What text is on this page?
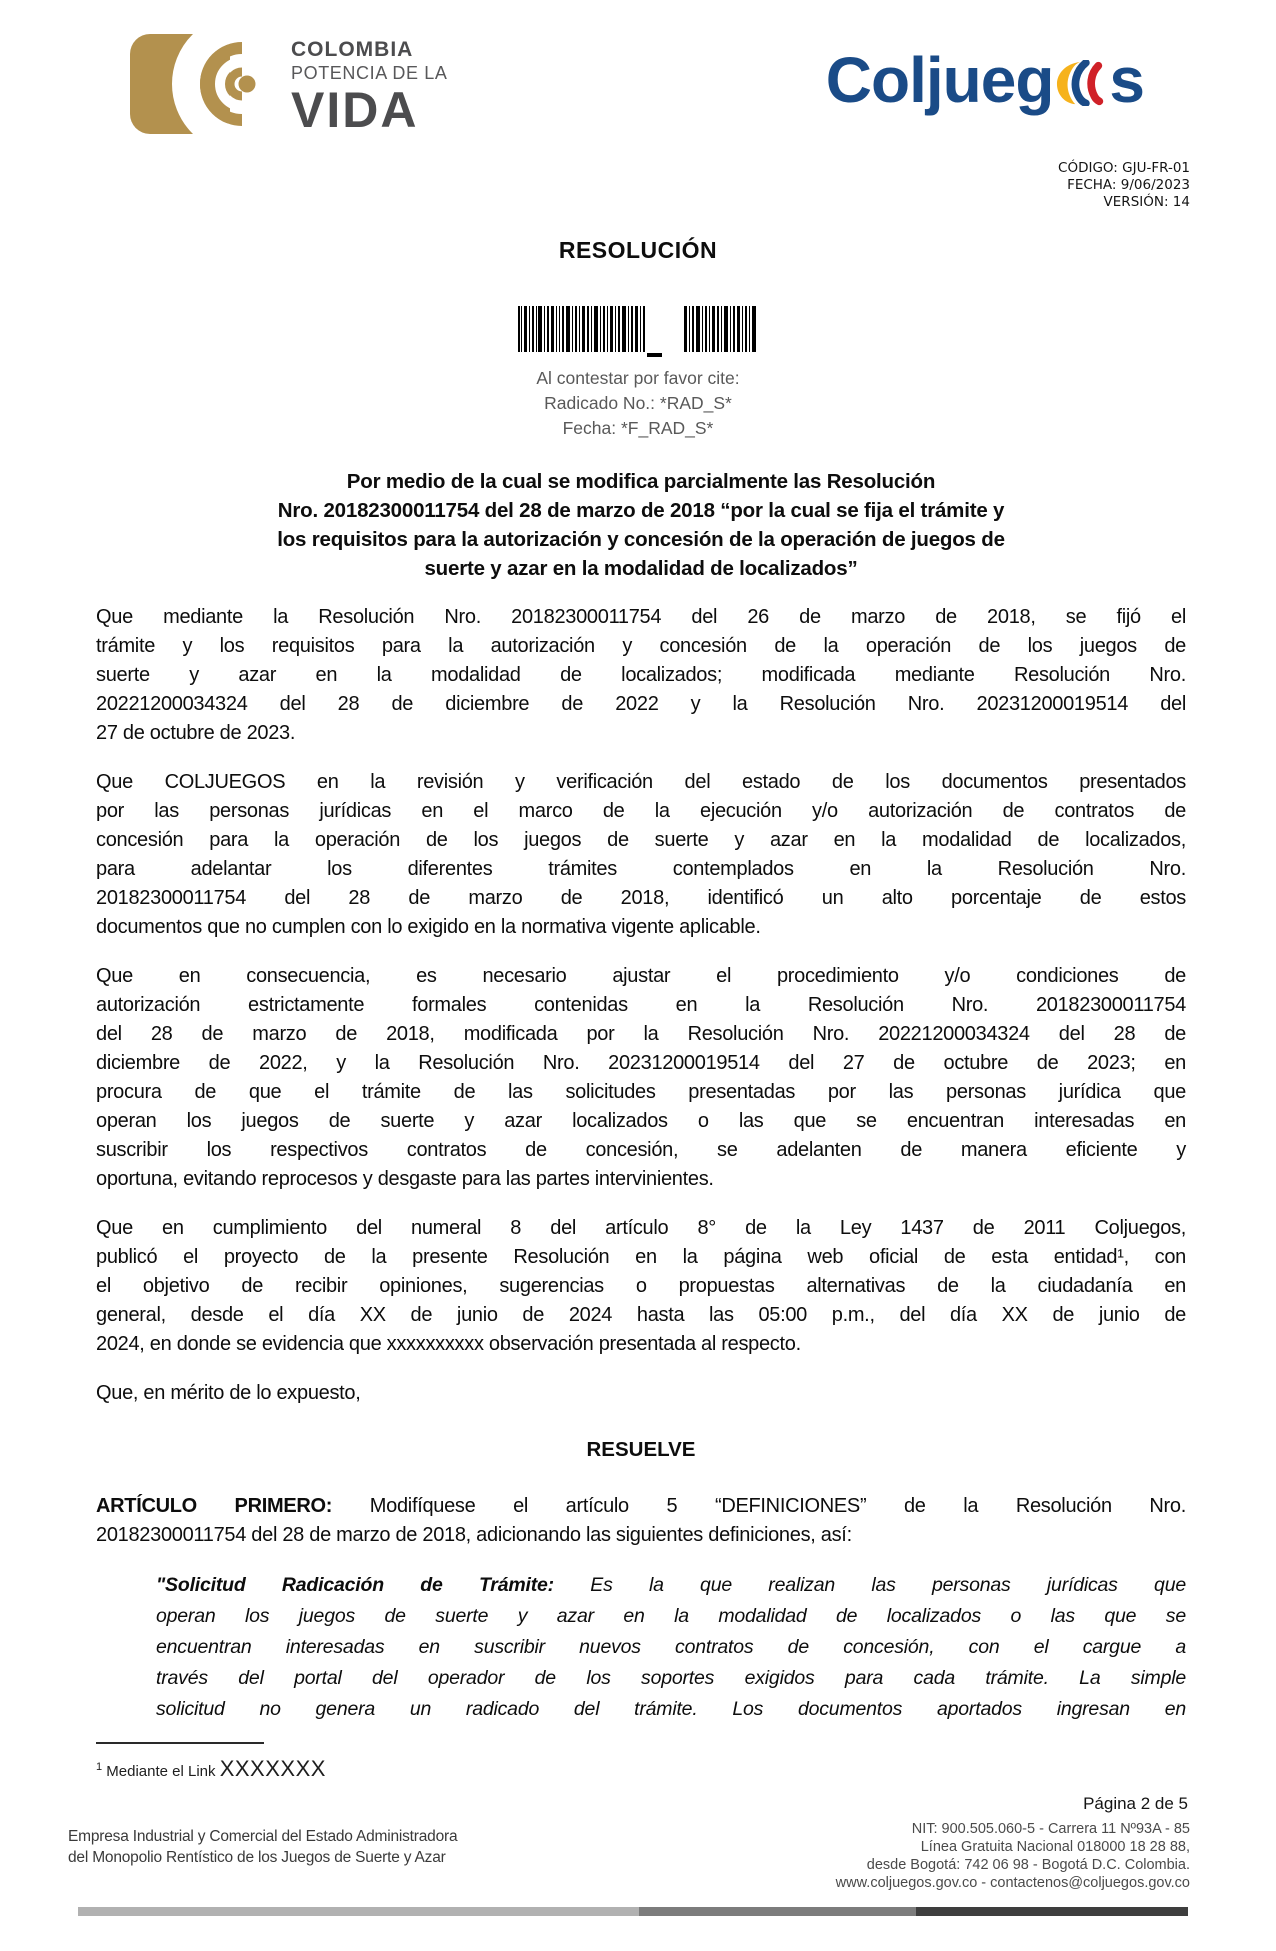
COLOMBIA
POTENCIA DE LA
VIDA	Coljueg s
CÓDIGO: GJU-FR-01
FECHA: 9/06/2023
VERSIÓN: 14
RESOLUCIÓN
Al contestar por favor cite:
Radicado No.: *RAD_S*
Fecha: *F_RAD_S*
Por medio de la cual se modifica parcialmente las Resolución
Nro. 20182300011754 del 28 de marzo de 2018 “por la cual se fija el trámite y
los requisitos para la autorización y concesión de la operación de juegos de
suerte y azar en la modalidad de localizados”
Que mediante la Resolución Nro. 20182300011754 del 26 de marzo de 2018, se fijó el
trámite y los requisitos para la autorización y concesión de la operación de los juegos de
suerte y azar en la modalidad de localizados; modificada mediante Resolución Nro.
20221200034324 del 28 de diciembre de 2022 y la Resolución Nro. 20231200019514 del
27 de octubre de 2023.
Que COLJUEGOS en la revisión y verificación del estado de los documentos presentados
por las personas jurídicas en el marco de la ejecución y/o autorización de contratos de
concesión para la operación de los juegos de suerte y azar en la modalidad de localizados,
para adelantar los diferentes trámites contemplados en la Resolución Nro.
20182300011754 del 28 de marzo de 2018, identificó un alto porcentaje de estos
documentos que no cumplen con lo exigido en la normativa vigente aplicable.
Que en consecuencia, es necesario ajustar el procedimiento y/o condiciones de
autorización estrictamente formales contenidas en la Resolución Nro. 20182300011754
del 28 de marzo de 2018, modificada por la Resolución Nro. 20221200034324 del 28 de
diciembre de 2022, y la Resolución Nro. 20231200019514 del 27 de octubre de 2023; en
procura de que el trámite de las solicitudes presentadas por las personas jurídica que
operan los juegos de suerte y azar localizados o las que se encuentran interesadas en
suscribir los respectivos contratos de concesión, se adelanten de manera eficiente y
oportuna, evitando reprocesos y desgaste para las partes intervinientes.
Que en cumplimiento del numeral 8 del artículo 8° de la Ley 1437 de 2011 Coljuegos,
publicó el proyecto de la presente Resolución en la página web oficial de esta entidad¹, con
el objetivo de recibir opiniones, sugerencias o propuestas alternativas de la ciudadanía en
general, desde el día XX de junio de 2024 hasta las 05:00 p.m., del día XX de junio de
2024, en donde se evidencia que xxxxxxxxxx observación presentada al respecto.
Que, en mérito de lo expuesto,
RESUELVE
ARTÍCULO PRIMERO: Modifíquese el artículo 5 “DEFINICIONES” de la Resolución Nro.
20182300011754 del 28 de marzo de 2018, adicionando las siguientes definiciones, así:
"Solicitud Radicación de Trámite: Es la que realizan las personas jurídicas que
operan los juegos de suerte y azar en la modalidad de localizados o las que se
encuentran interesadas en suscribir nuevos contratos de concesión, con el cargue a
través del portal del operador de los soportes exigidos para cada trámite. La simple
solicitud no genera un radicado del trámite. Los documentos aportados ingresan en
$^1$ Mediante el Link XXXXXXX
Página 2 de 5
Empresa Industrial y Comercial del Estado Administradora
del Monopolio Rentístico de los Juegos de Suerte y Azar
NIT: 900.505.060-5 - Carrera 11 Nº93A - 85
Línea Gratuita Nacional 018000 18 28 88,
desde Bogotá: 742 06 98 - Bogotá D.C. Colombia.
www.coljuegos.gov.co - contactenos@coljuegos.gov.co
